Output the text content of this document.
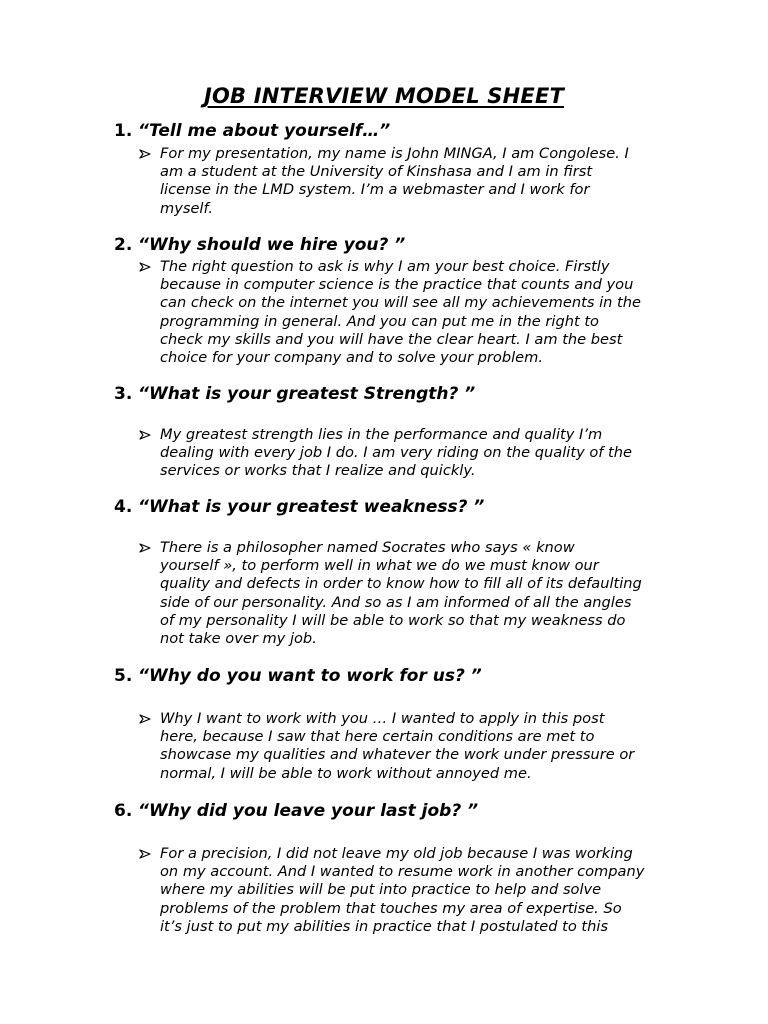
JOB INTERVIEW MODEL SHEET
1. “Tell me about yourself…”
For my presentation, my name is John MINGA, I am Congolese. I
am a student at the University of Kinshasa and I am in first
license in the LMD system. I’m a webmaster and I work for
myself.
2. “Why should we hire you? ”
The right question to ask is why I am your best choice. Firstly
because in computer science is the practice that counts and you
can check on the internet you will see all my achievements in the
programming in general. And you can put me in the right to
check my skills and you will have the clear heart. I am the best
choice for your company and to solve your problem.
3. “What is your greatest Strength? ”
My greatest strength lies in the performance and quality I’m
dealing with every job I do. I am very riding on the quality of the
services or works that I realize and quickly.
4. “What is your greatest weakness? ”
There is a philosopher named Socrates who says « know
yourself », to perform well in what we do we must know our
quality and defects in order to know how to fill all of its defaulting
side of our personality. And so as I am informed of all the angles
of my personality I will be able to work so that my weakness do
not take over my job.
5. “Why do you want to work for us? ”
Why I want to work with you … I wanted to apply in this post
here, because I saw that here certain conditions are met to
showcase my qualities and whatever the work under pressure or
normal, I will be able to work without annoyed me.
6. “Why did you leave your last job? ”
For a precision, I did not leave my old job because I was working
on my account. And I wanted to resume work in another company
where my abilities will be put into practice to help and solve
problems of the problem that touches my area of expertise. So
it’s just to put my abilities in practice that I postulated to this
